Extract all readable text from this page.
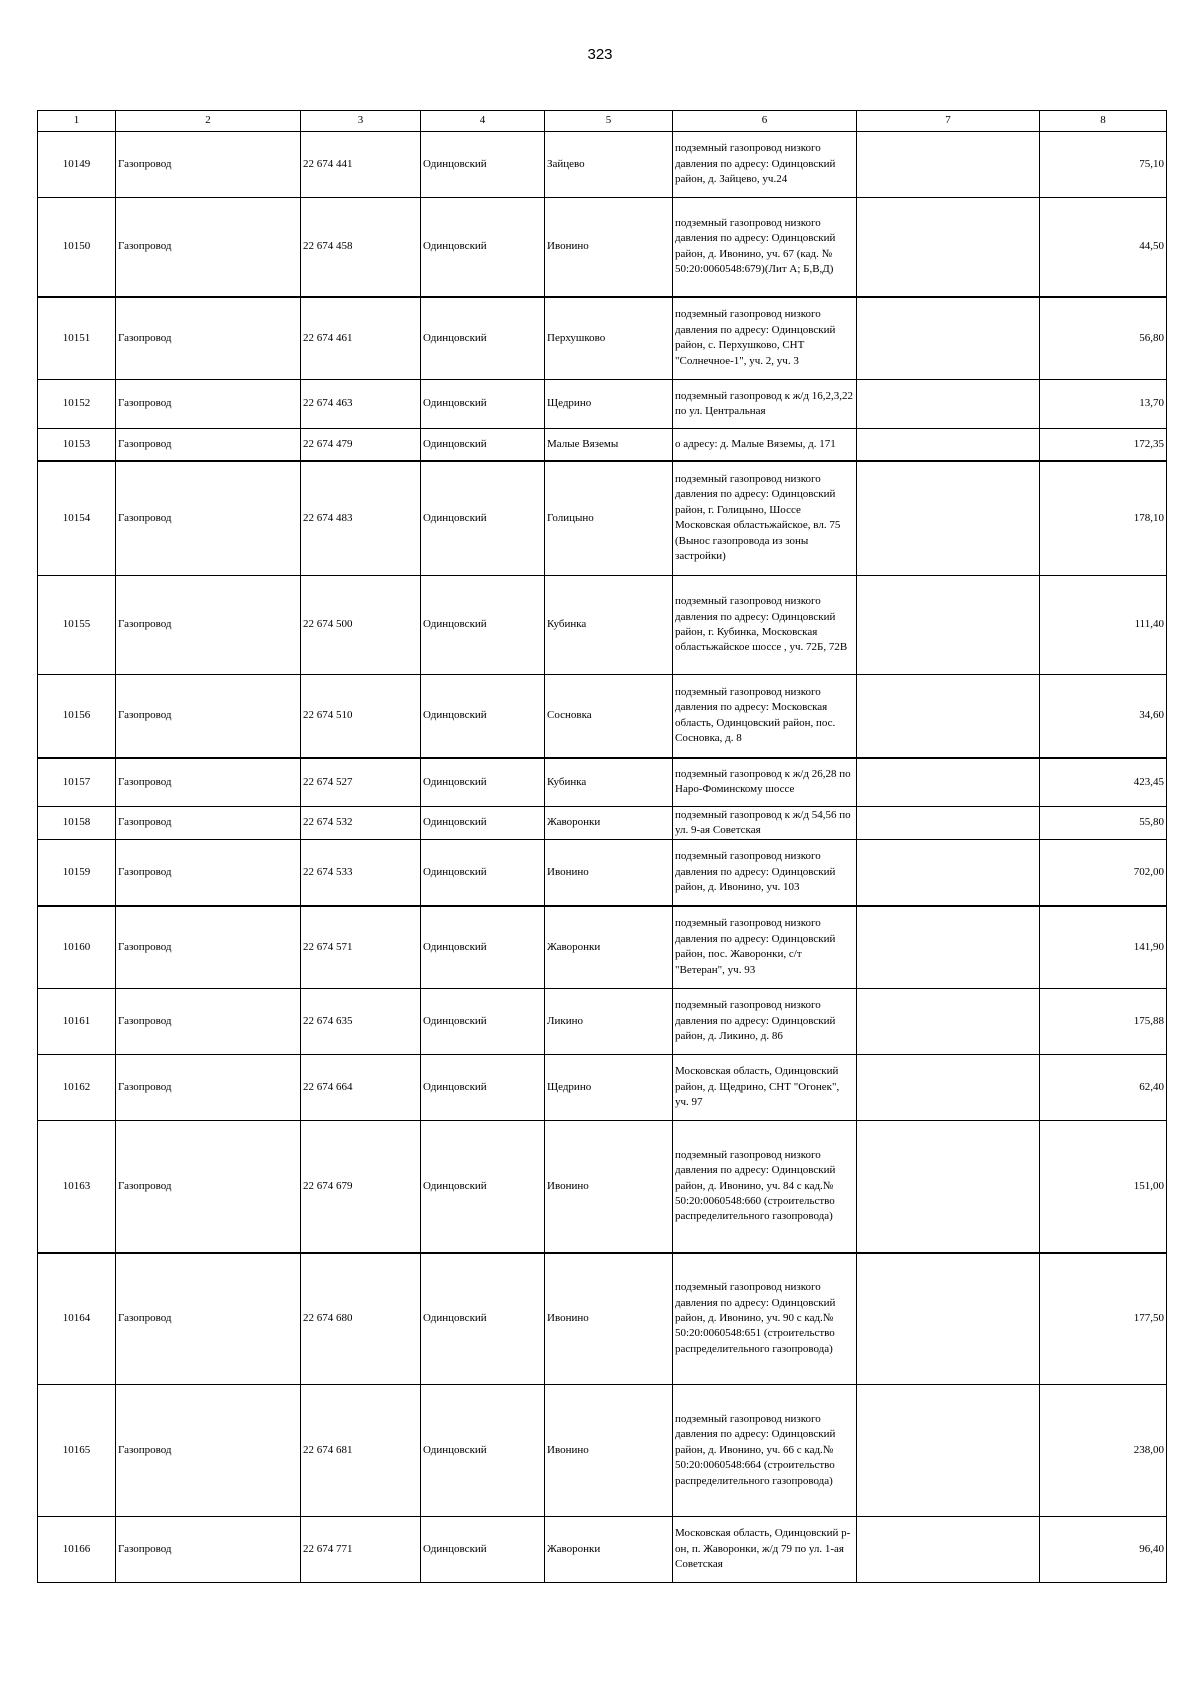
323
1	2	3	4	5	6	7	8
10149	Газопровод	22 674 441	Одинцовский	Зайцево	подземный газопровод низкого давления по адресу: Одинцовский район, д. Зайцево, уч.24		75,10
10150	Газопровод	22 674 458	Одинцовский	Ивонино	подземный газопровод низкого давления по адресу: Одинцовский район, д. Ивонино, уч. 67 (кад. № 50:20:0060548:679)(Лит А; Б,В,Д)		44,50
10151	Газопровод	22 674 461	Одинцовский	Перхушково	подземный газопровод низкого давления по адресу: Одинцовский район, с. Перхушково, СНТ "Солнечное-1", уч. 2, уч. 3		56,80
10152	Газопровод	22 674 463	Одинцовский	Щедрино	подземный газопровод к ж/д 16,2,3,22 по ул. Центральная		13,70
10153	Газопровод	22 674 479	Одинцовский	Малые Вяземы	о адресу: д. Малые Вяземы, д. 171		172,35
10154	Газопровод	22 674 483	Одинцовский	Голицыно	подземный газопровод низкого давления по адресу: Одинцовский район, г. Голицыно, Шоссе Московская областьжайское, вл. 75 (Вынос газопровода из зоны застройки)		178,10
10155	Газопровод	22 674 500	Одинцовский	Кубинка	подземный газопровод низкого давления по адресу: Одинцовский район, г. Кубинка, Московская областьжайское шоссе , уч. 72Б, 72В		111,40
10156	Газопровод	22 674 510	Одинцовский	Сосновка	подземный газопровод низкого давления по адресу: Московская область, Одинцовский район, пос. Сосновка, д. 8		34,60
10157	Газопровод	22 674 527	Одинцовский	Кубинка	подземный газопровод к ж/д 26,28 по Наро-Фоминскому шоссе		423,45
10158	Газопровод	22 674 532	Одинцовский	Жаворонки	подземный газопровод к ж/д 54,56 по ул. 9-ая Советская		55,80
10159	Газопровод	22 674 533	Одинцовский	Ивонино	подземный газопровод низкого давления по адресу: Одинцовский район, д. Ивонино, уч. 103		702,00
10160	Газопровод	22 674 571	Одинцовский	Жаворонки	подземный газопровод низкого давления по адресу: Одинцовский район, пос. Жаворонки, с/т "Ветеран", уч. 93		141,90
10161	Газопровод	22 674 635	Одинцовский	Ликино	подземный газопровод низкого давления по адресу: Одинцовский район, д. Ликино, д. 86		175,88
10162	Газопровод	22 674 664	Одинцовский	Щедрино	Московская область, Одинцовский район, д. Щедрино, СНТ "Огонек", уч. 97		62,40
10163	Газопровод	22 674 679	Одинцовский	Ивонино	подземный газопровод низкого давления по адресу: Одинцовский район, д. Ивонино, уч. 84 с кад.№ 50:20:0060548:660 (строительство распределительного газопровода)		151,00
10164	Газопровод	22 674 680	Одинцовский	Ивонино	подземный газопровод низкого давления по адресу: Одинцовский район, д. Ивонино, уч. 90 с кад.№ 50:20:0060548:651 (строительство распределительного газопровода)		177,50
10165	Газопровод	22 674 681	Одинцовский	Ивонино	подземный газопровод низкого давления по адресу: Одинцовский район, д. Ивонино, уч. 66 с кад.№ 50:20:0060548:664 (строительство распределительного газопровода)		238,00
10166	Газопровод	22 674 771	Одинцовский	Жаворонки	Московская область, Одинцовский р-он, п. Жаворонки, ж/д 79 по ул. 1-ая Советская		96,40
